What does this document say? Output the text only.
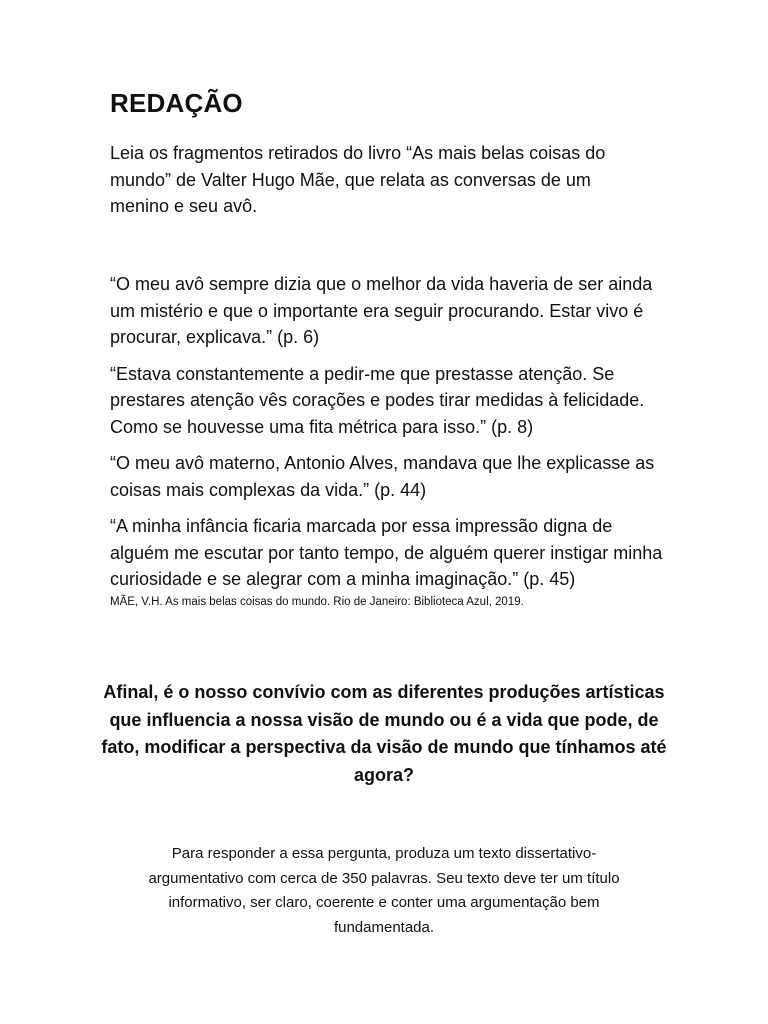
REDAÇÃO

Leia os fragmentos retirados do livro “As mais belas coisas do mundo” de Valter Hugo Mãe, que relata as conversas de um menino e seu avô.

“O meu avô sempre dizia que o melhor da vida haveria de ser ainda um mistério e que o importante era seguir procurando. Estar vivo é procurar, explicava.” (p. 6)

“Estava constantemente a pedir-me que prestasse atenção. Se prestares atenção vês corações e podes tirar medidas à felicidade. Como se houvesse uma fita métrica para isso.” (p. 8)

“O meu avô materno, Antonio Alves, mandava que lhe explicasse as coisas mais complexas da vida.” (p. 44)

“A minha infância ficaria marcada por essa impressão digna de alguém me escutar por tanto tempo, de alguém querer instigar minha curiosidade e se alegrar com a minha imaginação.” (p. 45)

MÃE, V.H. As mais belas coisas do mundo. Rio de Janeiro: Biblioteca Azul, 2019.

Afinal, é o nosso convívio com as diferentes produções artísticas que influencia a nossa visão de mundo ou é a vida que pode, de fato, modificar a perspectiva da visão de mundo que tínhamos até agora?

Para responder a essa pergunta, produza um texto dissertativo-argumentativo com cerca de 350 palavras. Seu texto deve ter um título informativo, ser claro, coerente e conter uma argumentação bem fundamentada.
